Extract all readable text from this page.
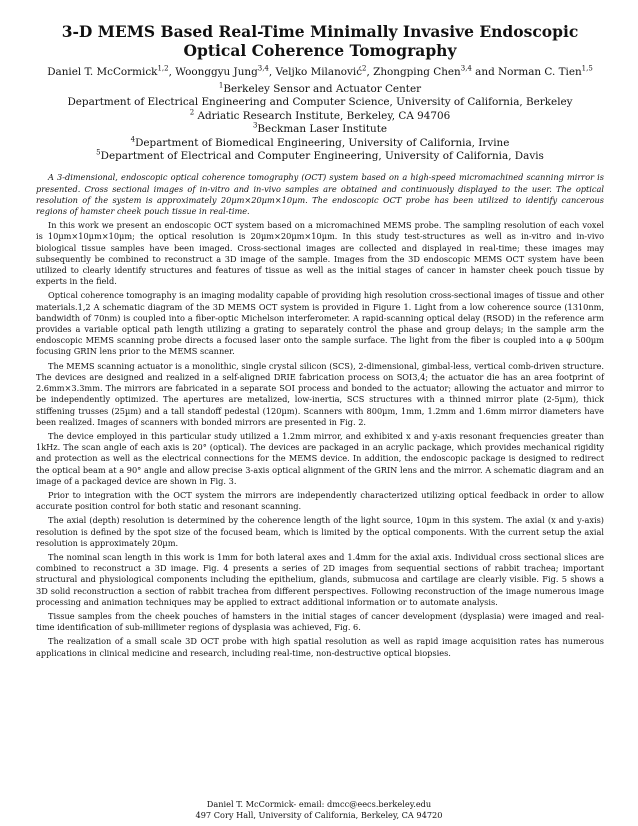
3-D MEMS Based Real-Time Minimally Invasive Endoscopic Optical Coherence Tomography
Daniel T. McCormick$^{1,2}$, Woonggyu Jung$^{3,4}$, Veljko Milanović$^2$, Zhongping Chen$^{3,4}$ and Norman C. Tien$^{1,5}$
$^1$Berkeley Sensor and Actuator Center
Department of Electrical Engineering and Computer Science, University of California, Berkeley
$^2$ Adriatic Research Institute, Berkeley, CA 94706
$^3$Beckman Laser Institute
$^4$Department of Biomedical Engineering, University of California, Irvine
$^5$Department of Electrical and Computer Engineering, University of California, Davis

A 3-dimensional, endoscopic optical coherence tomography (OCT) system based on a high-speed micromachined scanning mirror is presented. Cross sectional images of in-vitro and in-vivo samples are obtained and continuously displayed to the user. The optical resolution of the system is approximately 20µm×20µm×10µm. The endoscopic OCT probe has been utilized to identify cancerous regions of hamster cheek pouch tissue in real-time.

In this work we present an endoscopic OCT system based on a micromachined MEMS probe. The sampling resolution of each voxel is 10µm×10µm×10µm; the optical resolution is 20µm×20µm×10µm. In this study test-structures as well as in-vitro and in-vivo biological tissue samples have been imaged. Cross-sectional images are collected and displayed in real-time; these images may subsequently be combined to reconstruct a 3D image of the sample. Images from the 3D endoscopic MEMS OCT system have been utilized to clearly identify structures and features of tissue as well as the initial stages of cancer in hamster cheek pouch tissue by experts in the field.

Optical coherence tomography is an imaging modality capable of providing high resolution cross-sectional images of tissue and other materials.1,2 A schematic diagram of the 3D MEMS OCT system is provided in Figure 1. Light from a low coherence source (1310nm, bandwidth of 70nm) is coupled into a fiber-optic Michelson interferometer. A rapid-scanning optical delay (RSOD) in the reference arm provides a variable optical path length utilizing a grating to separately control the phase and group delays; in the sample arm the endoscopic MEMS scanning probe directs a focused laser onto the sample surface. The light from the fiber is coupled into a φ 500µm focusing GRIN lens prior to the MEMS scanner.

The MEMS scanning actuator is a monolithic, single crystal silicon (SCS), 2-dimensional, gimbal-less, vertical comb-driven structure. The devices are designed and realized in a self-aligned DRIE fabrication process on SOI3,4; the actuator die has an area footprint of 2.6mm×3.3mm. The mirrors are fabricated in a separate SOI process and bonded to the actuator; allowing the actuator and mirror to be independently optimized. The apertures are metalized, low-inertia, SCS structures with a thinned mirror plate (2-5µm), thick stiffening trusses (25µm) and a tall standoff pedestal (120µm). Scanners with 800µm, 1mm, 1.2mm and 1.6mm mirror diameters have been realized. Images of scanners with bonded mirrors are presented in Fig. 2.

The device employed in this particular study utilized a 1.2mm mirror, and exhibited x and y-axis resonant frequencies greater than 1kHz. The scan angle of each axis is 20° (optical). The devices are packaged in an acrylic package, which provides mechanical rigidity and protection as well as the electrical connections for the MEMS device. In addition, the endoscopic package is designed to redirect the optical beam at a 90° angle and allow precise 3-axis optical alignment of the GRIN lens and the mirror. A schematic diagram and an image of a packaged device are shown in Fig. 3.

Prior to integration with the OCT system the mirrors are independently characterized utilizing optical feedback in order to allow accurate position control for both static and resonant scanning.

The axial (depth) resolution is determined by the coherence length of the light source, 10µm in this system. The axial (x and y-axis) resolution is defined by the spot size of the focused beam, which is limited by the optical components. With the current setup the axial resolution is approximately 20µm.

The nominal scan length in this work is 1mm for both lateral axes and 1.4mm for the axial axis. Individual cross sectional slices are combined to reconstruct a 3D image. Fig. 4 presents a series of 2D images from sequential sections of rabbit trachea; important structural and physiological components including the epithelium, glands, submucosa and cartilage are clearly visible. Fig. 5 shows a 3D solid reconstruction a section of rabbit trachea from different perspectives. Following reconstruction of the image numerous image processing and animation techniques may be applied to extract additional information or to automate analysis.

Tissue samples from the cheek pouches of hamsters in the initial stages of cancer development (dysplasia) were imaged and real-time identification of sub-millimeter regions of dysplasia was achieved, Fig. 6.

The realization of a small scale 3D OCT probe with high spatial resolution as well as rapid image acquisition rates has numerous applications in clinical medicine and research, including real-time, non-destructive optical biopsies.

Daniel T. McCormick- email: dmcc@eecs.berkeley.edu
497 Cory Hall, University of California, Berkeley, CA 94720
